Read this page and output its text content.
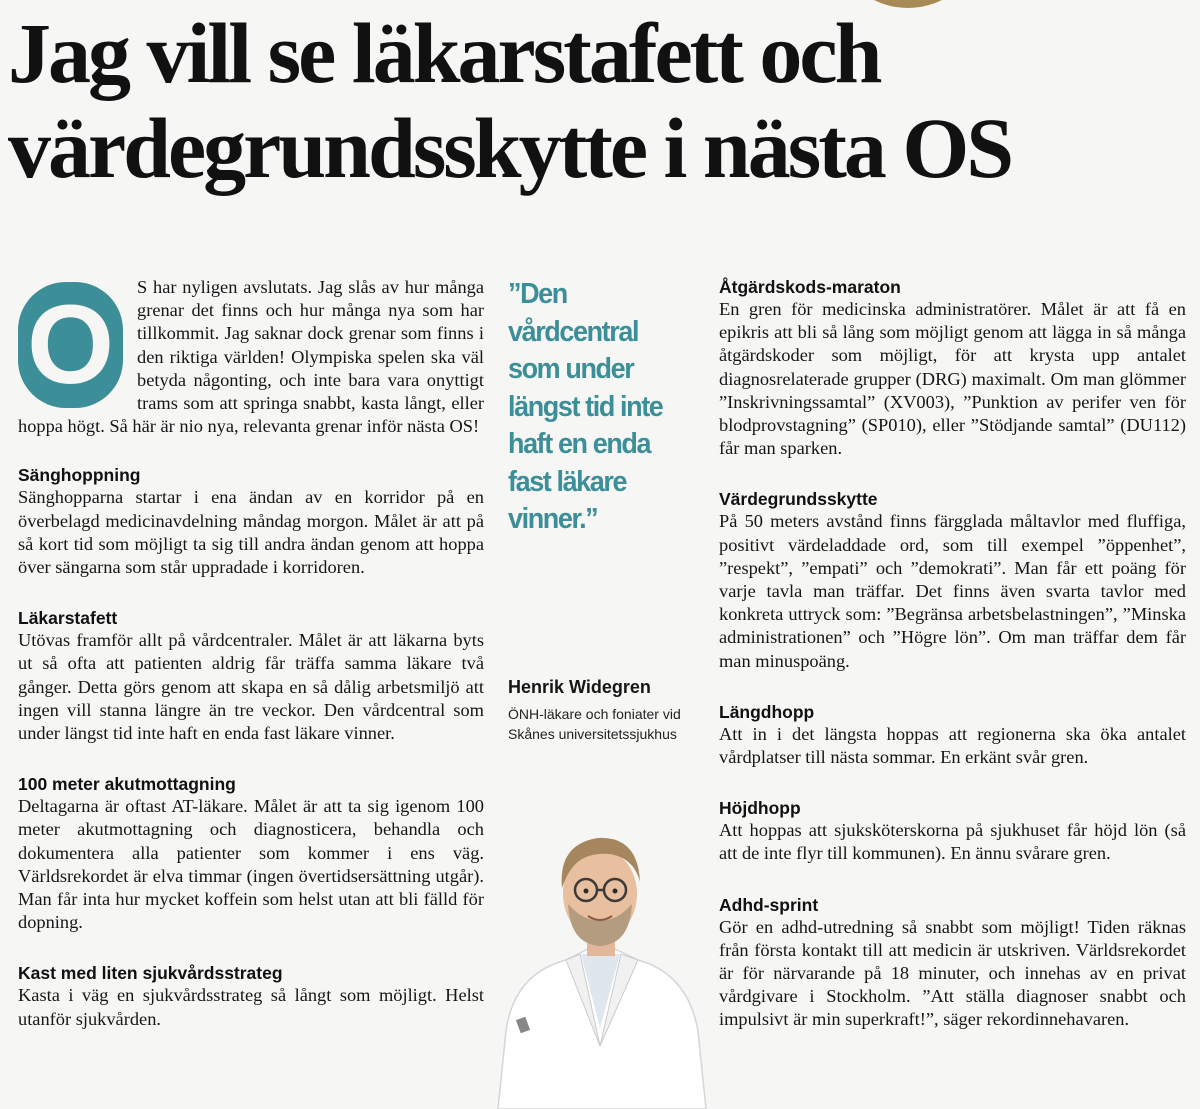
Jag vill se läkarstafett och värdegrundsskytte i nästa OS
O	S har nyligen avslutats. Jag slås av hur många grenar det finns och hur många nya som har tillkommit. Jag saknar dock grenar som finns i den riktiga världen! Olympiska spelen ska väl betyda någonting, och inte bara vara onyttigt trams som att springa snabbt, kasta långt, eller hoppa högt. Så här är nio nya, relevanta grenar inför nästa OS!

Sänghoppning

Sänghopparna startar i ena ändan av en korridor på en överbelagd medicinavdelning måndag morgon. Målet är att på så kort tid som möjligt ta sig till andra ändan genom att hoppa över sängarna som står uppradade i korridoren.

Läkarstafett

Utövas framför allt på vårdcentraler. Målet är att läkarna byts ut så ofta att patienten aldrig får träffa samma läkare två gånger. Detta görs genom att skapa en så dålig arbetsmiljö att ingen vill stanna längre än tre veckor. Den vårdcentral som under längst tid inte haft en enda fast läkare vinner.

100 meter akutmottagning

Deltagarna är oftast AT-läkare. Målet är att ta sig igenom 100 meter akutmottagning och diagnosticera, behandla och dokumentera alla patienter som kommer i ens väg. Världsrekordet är elva timmar (ingen övertidsersättning utgår). Man får inta hur mycket koffein som helst utan att bli fälld för dopning.

Kast med liten sjukvårdsstrateg

Kasta i väg en sjukvårdsstrateg så långt som möjligt. Helst utanför sjukvården.

”Den vårdcentral som under längst tid inte haft en enda fast läkare vinner.”

Henrik Widegren

ÖNH-läkare och foniater vid Skånes universitetssjukhus

Åtgärdskods-maraton

En gren för medicinska administratörer. Målet är att få en epikris att bli så lång som möjligt genom att lägga in så många åtgärdskoder som möjligt, för att krysta upp antalet diagnosrelaterade grupper (DRG) maximalt. Om man glömmer ”Inskrivningssamtal” (XV003), ”Punktion av perifer ven för blodprovstagning” (SP010), eller ”Stödjande samtal” (DU112) får man sparken.

Värdegrundsskytte

På 50 meters avstånd finns färgglada måltavlor med fluffiga, positivt värdeladdade ord, som till exempel ”öppenhet”, ”respekt”, ”empati” och ”demokrati”. Man får ett poäng för varje tavla man träffar. Det finns även svarta tavlor med konkreta uttryck som: ”Begränsa arbetsbelastningen”, ”Minska administrationen” och ”Högre lön”. Om man träffar dem får man minuspoäng.

Längdhopp

Att in i det längsta hoppas att regionerna ska öka antalet vårdplatser till nästa sommar. En erkänt svår gren.

Höjdhopp

Att hoppas att sjuksköterskorna på sjukhuset får höjd lön (så att de inte flyr till kommunen). En ännu svårare gren.

Adhd-sprint

Gör en adhd-utredning så snabbt som möjligt! Tiden räknas från första kontakt till att medicin är utskriven. Världsrekordet är för närvarande på 18 minuter, och innehas av en privat vårdgivare i Stockholm. ”Att ställa diagnoser snabbt och impulsivt är min superkraft!”, säger rekordinnehavaren.
